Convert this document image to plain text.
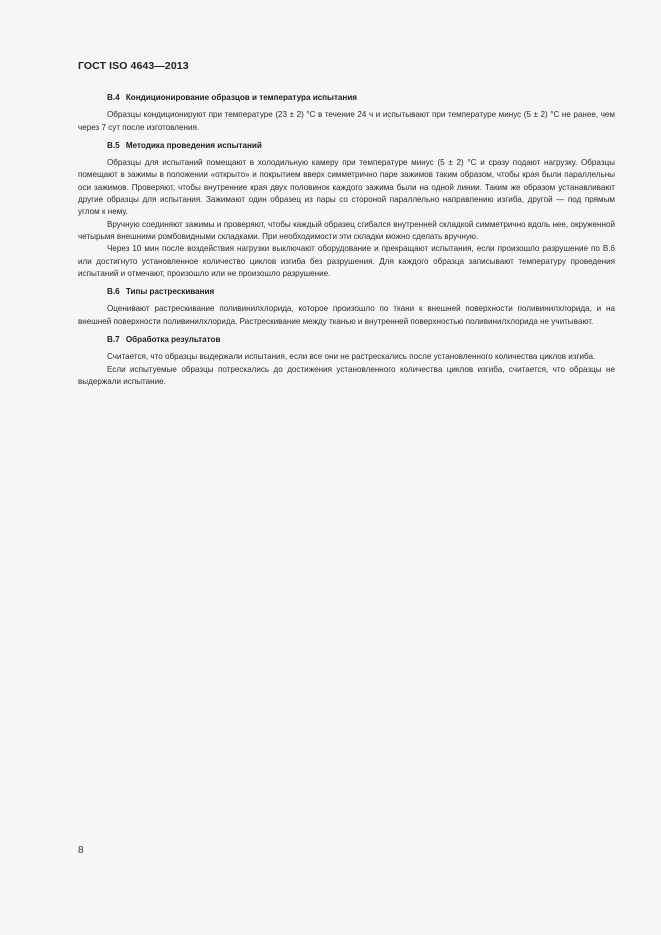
ГОСТ ISO 4643—2013
B.4 Кондиционирование образцов и температура испытания

Образцы кондиционируют при температуре (23 ± 2) °С в течение 24 ч и испытывают при температуре минус (5 ± 2) °С не ранее, чем через 7 сут после изготовления.

B.5 Методика проведения испытаний

Образцы для испытаний помещают в холодильную камеру при температуре минус (5 ± 2) °С и сразу подают нагрузку. Образцы помещают в зажимы в положении «открыто» и покрытием вверх симметрично паре зажимов таким образом, чтобы края были параллельны оси зажимов. Проверяют, чтобы внутренние края двух половинок каждого зажима были на одной линии. Таким же образом устанавливают другие образцы для испытания. Зажимают один образец из пары со стороной параллельно направлению изгиба, другой — под прямым углом к нему.

Вручную соединяют зажимы и проверяют, чтобы каждый образец сгибался внутренней складкой симметрично вдоль нее, окруженной четырьмя внешними ромбовидными складками. При необходимости эти складки можно сделать вручную.

Через 10 мин после воздействия нагрузки выключают оборудование и прекращают испытания, если произошло разрушение по В.6 или достигнуто установленное количество циклов изгиба без разрушения. Для каждого образца записывают температуру проведения испытаний и отмечают, произошло или не произошло разрушение.

B.6 Типы растрескивания

Оценивают растрескивание поливинилхлорида, которое произошло по ткани к внешней поверхности поливинилхлорида, и на внешней поверхности поливинилхлорида. Растрескивание между тканью и внутренней поверхностью поливинилхлорида не учитывают.

B.7 Обработка результатов

Считается, что образцы выдержали испытания, если все они не растрескались после установленного количества циклов изгиба.

Если испытуемые образцы потрескались до достижения установленного количества циклов изгиба, считается, что образцы не выдержали испытание.

8
